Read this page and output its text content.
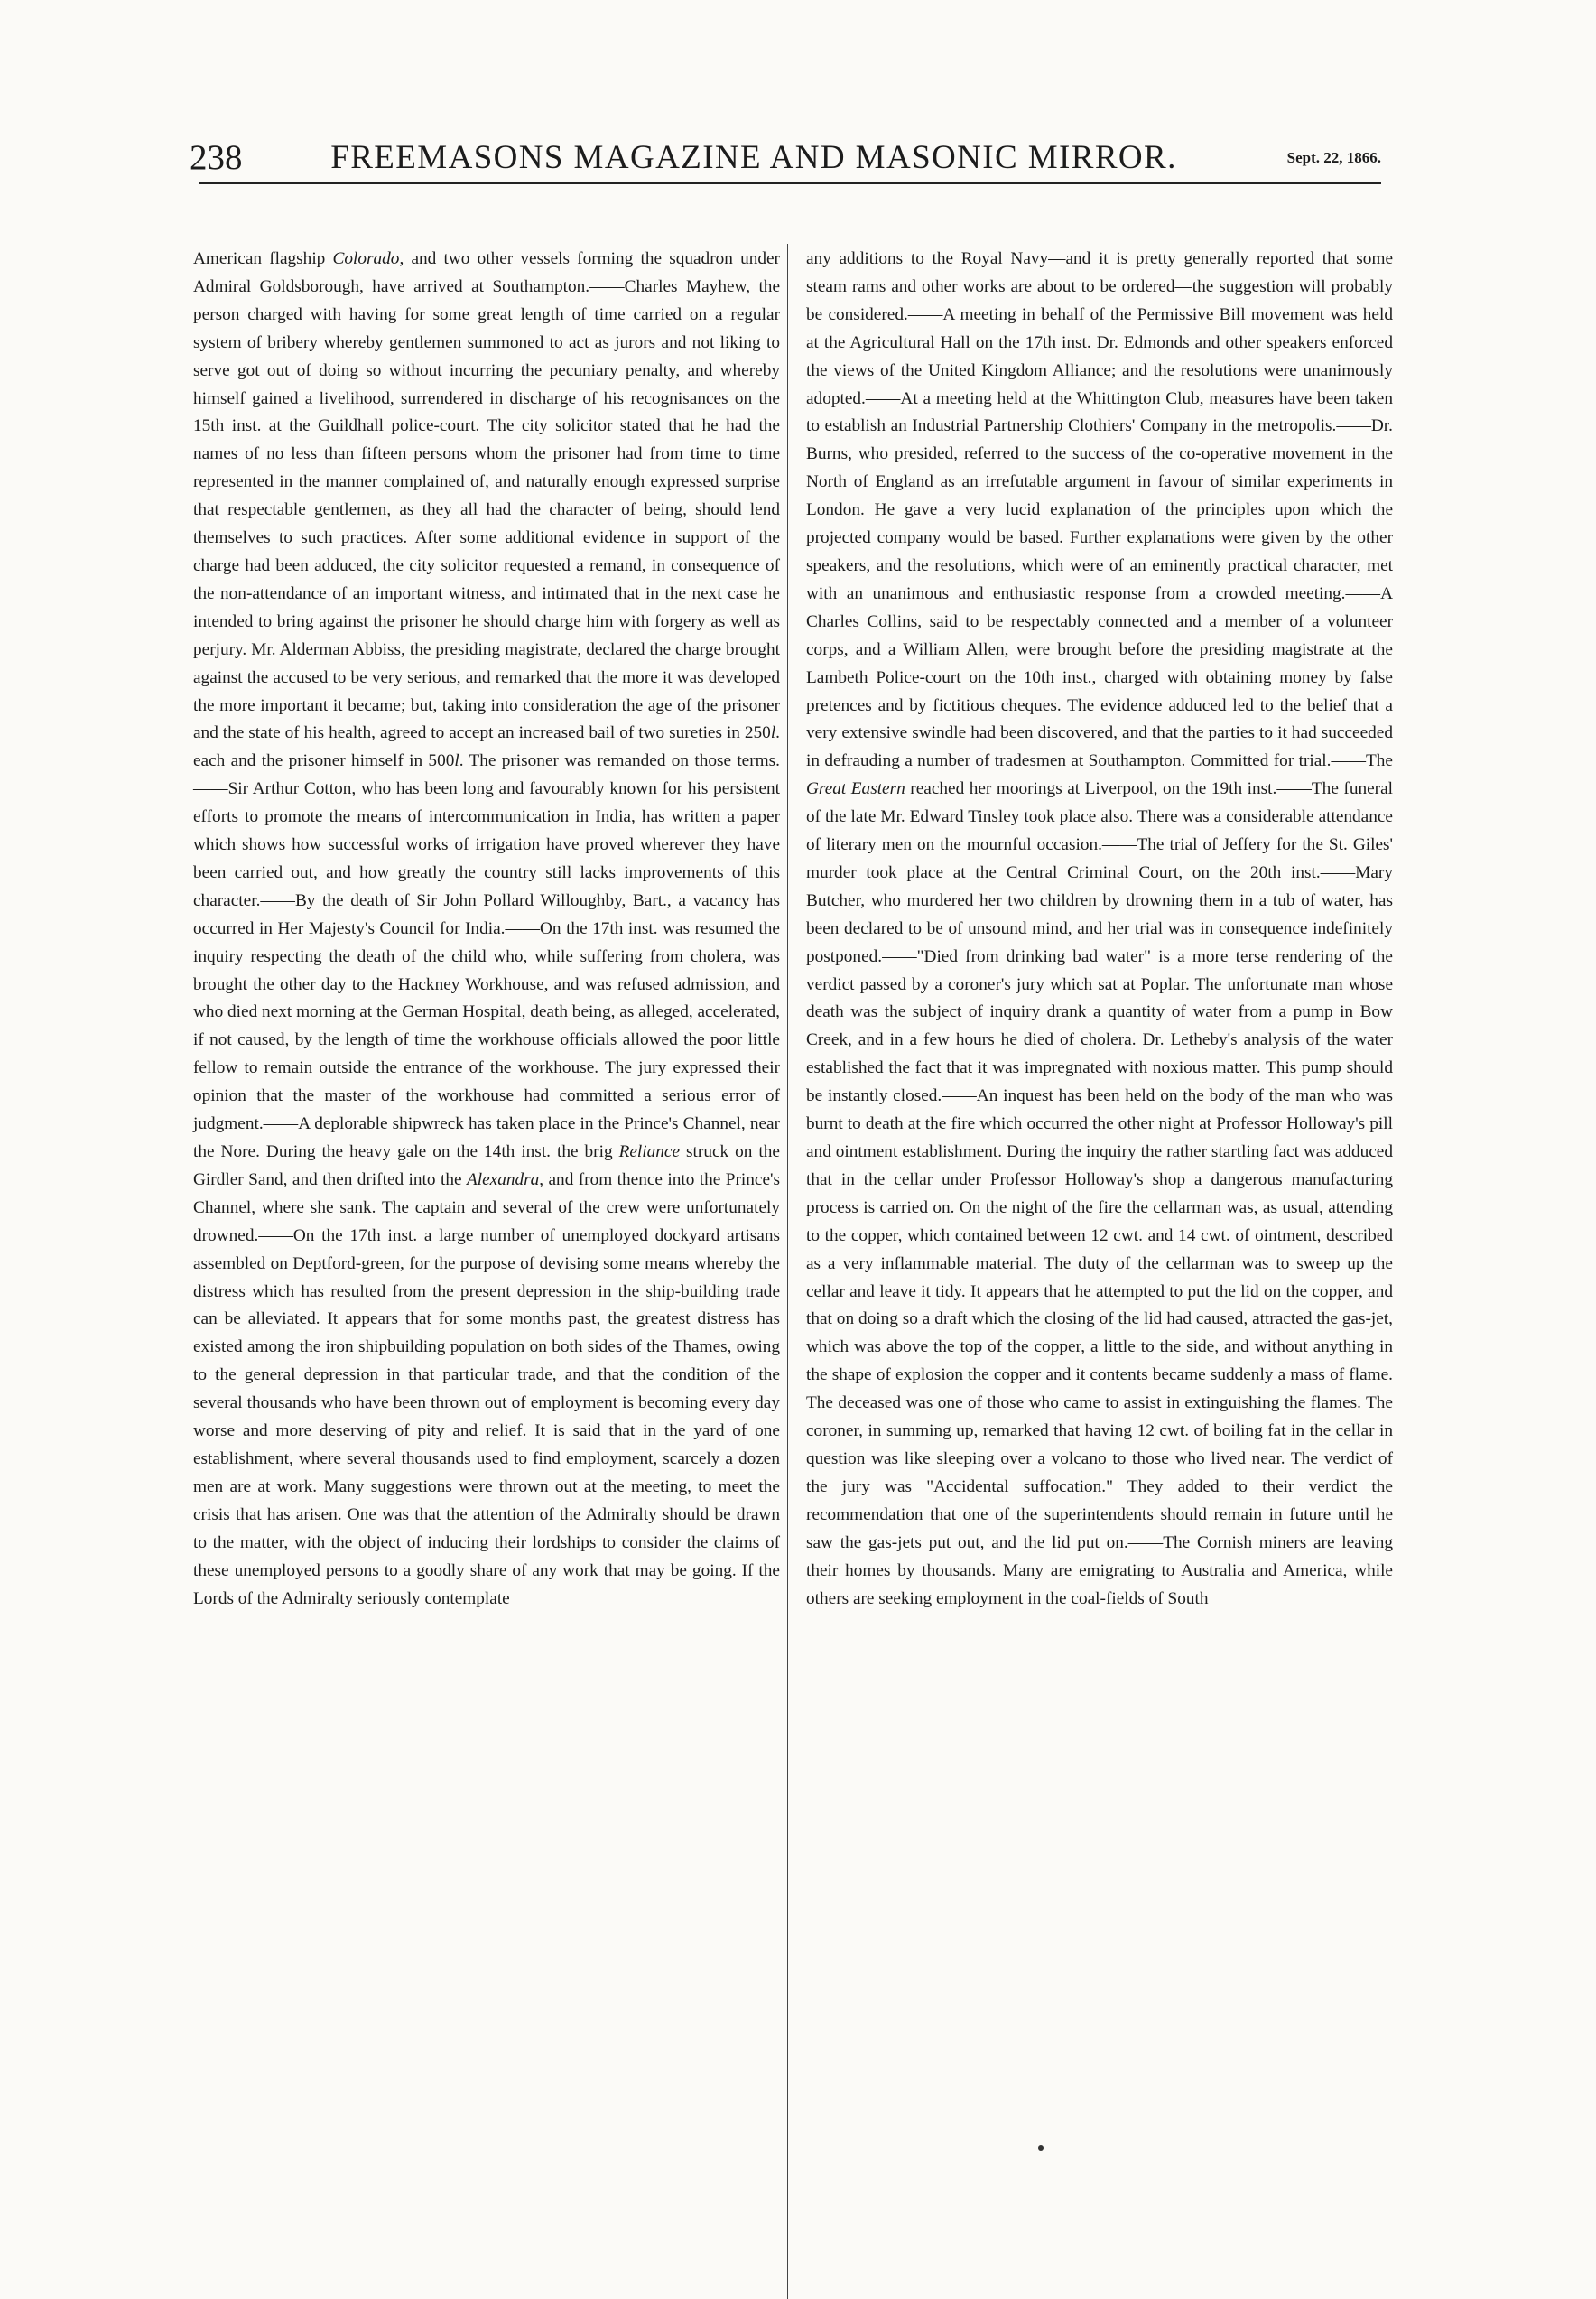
238	FREEMASONS MAGAZINE AND MASONIC MIRROR.	Sept. 22, 1866.

American flagship Colorado, and two other vessels forming the squadron under Admiral Goldsborough, have arrived at Southampton.——Charles Mayhew, the person charged with having for some great length of time carried on a regular system of bribery whereby gentlemen summoned to act as jurors and not liking to serve got out of doing so without incurring the pecuniary penalty, and whereby himself gained a livelihood, surrendered in discharge of his recognisances on the 15th inst. at the Guildhall police-court. The city solicitor stated that he had the names of no less than fifteen persons whom the prisoner had from time to time represented in the manner complained of, and naturally enough expressed surprise that respectable gentlemen, as they all had the character of being, should lend themselves to such practices. After some additional evidence in support of the charge had been adduced, the city solicitor requested a remand, in consequence of the non-attendance of an important witness, and intimated that in the next case he intended to bring against the prisoner he should charge him with forgery as well as perjury. Mr. Alderman Abbiss, the presiding magistrate, declared the charge brought against the accused to be very serious, and remarked that the more it was developed the more important it became; but, taking into consideration the age of the prisoner and the state of his health, agreed to accept an increased bail of two sureties in 250l. each and the prisoner himself in 500l. The prisoner was remanded on those terms.——Sir Arthur Cotton, who has been long and favourably known for his persistent efforts to promote the means of intercommunication in India, has written a paper which shows how successful works of irrigation have proved wherever they have been carried out, and how greatly the country still lacks improvements of this character.——By the death of Sir John Pollard Willoughby, Bart., a vacancy has occurred in Her Majesty's Council for India.——On the 17th inst. was resumed the inquiry respecting the death of the child who, while suffering from cholera, was brought the other day to the Hackney Workhouse, and was refused admission, and who died next morning at the German Hospital, death being, as alleged, accelerated, if not caused, by the length of time the workhouse officials allowed the poor little fellow to remain outside the entrance of the workhouse. The jury expressed their opinion that the master of the workhouse had committed a serious error of judgment.——A deplorable shipwreck has taken place in the Prince's Channel, near the Nore. During the heavy gale on the 14th inst. the brig Reliance struck on the Girdler Sand, and then drifted into the Alexandra, and from thence into the Prince's Channel, where she sank. The captain and several of the crew were unfortunately drowned.——On the 17th inst. a large number of unemployed dockyard artisans assembled on Deptford-green, for the purpose of devising some means whereby the distress which has resulted from the present depression in the ship-building trade can be alleviated. It appears that for some months past, the greatest distress has existed among the iron shipbuilding population on both sides of the Thames, owing to the general depression in that particular trade, and that the condition of the several thousands who have been thrown out of employment is becoming every day worse and more deserving of pity and relief. It is said that in the yard of one establishment, where several thousands used to find employment, scarcely a dozen men are at work. Many suggestions were thrown out at the meeting, to meet the crisis that has arisen. One was that the attention of the Admiralty should be drawn to the matter, with the object of inducing their lordships to consider the claims of these unemployed persons to a goodly share of any work that may be going. If the Lords of the Admiralty seriously contemplate

any additions to the Royal Navy—and it is pretty generally reported that some steam rams and other works are about to be ordered—the suggestion will probably be considered.——A meeting in behalf of the Permissive Bill movement was held at the Agricultural Hall on the 17th inst. Dr. Edmonds and other speakers enforced the views of the United Kingdom Alliance; and the resolutions were unanimously adopted.——At a meeting held at the Whittington Club, measures have been taken to establish an Industrial Partnership Clothiers' Company in the metropolis.——Dr. Burns, who presided, referred to the success of the co-operative movement in the North of England as an irrefutable argument in favour of similar experiments in London. He gave a very lucid explanation of the principles upon which the projected company would be based. Further explanations were given by the other speakers, and the resolutions, which were of an eminently practical character, met with an unanimous and enthusiastic response from a crowded meeting.——A Charles Collins, said to be respectably connected and a member of a volunteer corps, and a William Allen, were brought before the presiding magistrate at the Lambeth Police-court on the 10th inst., charged with obtaining money by false pretences and by fictitious cheques. The evidence adduced led to the belief that a very extensive swindle had been discovered, and that the parties to it had succeeded in defrauding a number of tradesmen at Southampton. Committed for trial.——The Great Eastern reached her moorings at Liverpool, on the 19th inst.——The funeral of the late Mr. Edward Tinsley took place also. There was a considerable attendance of literary men on the mournful occasion.——The trial of Jeffery for the St. Giles' murder took place at the Central Criminal Court, on the 20th inst.——Mary Butcher, who murdered her two children by drowning them in a tub of water, has been declared to be of unsound mind, and her trial was in consequence indefinitely postponed.——"Died from drinking bad water" is a more terse rendering of the verdict passed by a coroner's jury which sat at Poplar. The unfortunate man whose death was the subject of inquiry drank a quantity of water from a pump in Bow Creek, and in a few hours he died of cholera. Dr. Letheby's analysis of the water established the fact that it was impregnated with noxious matter. This pump should be instantly closed.——An inquest has been held on the body of the man who was burnt to death at the fire which occurred the other night at Professor Holloway's pill and ointment establishment. During the inquiry the rather startling fact was adduced that in the cellar under Professor Holloway's shop a dangerous manufacturing process is carried on. On the night of the fire the cellarman was, as usual, attending to the copper, which contained between 12 cwt. and 14 cwt. of ointment, described as a very inflammable material. The duty of the cellarman was to sweep up the cellar and leave it tidy. It appears that he attempted to put the lid on the copper, and that on doing so a draft which the closing of the lid had caused, attracted the gas-jet, which was above the top of the copper, a little to the side, and without anything in the shape of explosion the copper and it contents became suddenly a mass of flame. The deceased was one of those who came to assist in extinguishing the flames. The coroner, in summing up, remarked that having 12 cwt. of boiling fat in the cellar in question was like sleeping over a volcano to those who lived near. The verdict of the jury was "Accidental suffocation." They added to their verdict the recommendation that one of the superintendents should remain in future until he saw the gas-jets put out, and the lid put on.——The Cornish miners are leaving their homes by thousands. Many are emigrating to Australia and America, while others are seeking employment in the coal-fields of South
